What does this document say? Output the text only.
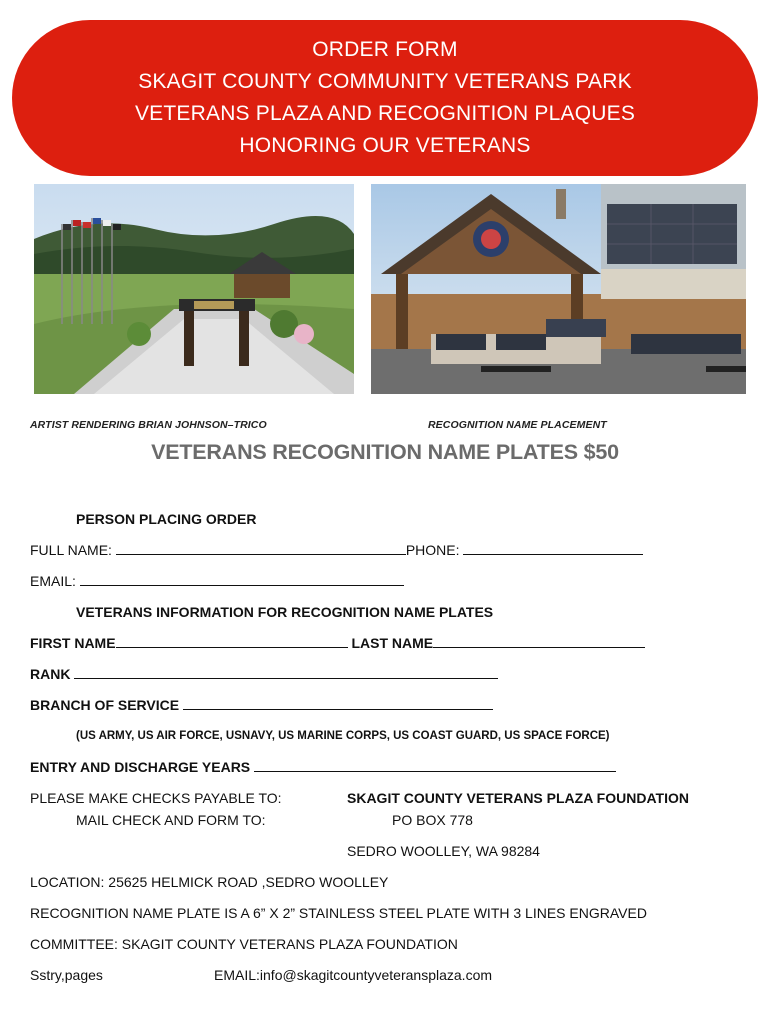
ORDER FORM
SKAGIT COUNTY COMMUNITY VETERANS PARK
VETERANS PLAZA AND RECOGNITION PLAQUES
HONORING OUR VETERANS
ARTIST RENDERING BRIAN JOHNSON–TRICO	RECOGNITION NAME PLACEMENT
VETERANS RECOGNITION NAME PLATES $50
PERSON PLACING ORDER
FULL NAME:	PHONE:
EMAIL:
VETERANS INFORMATION FOR RECOGNITION NAME PLATES
FIRST NAME	LAST NAME
RANK
BRANCH OF SERVICE
(US ARMY, US AIR FORCE, USNAVY, US MARINE CORPS, US COAST GUARD, US SPACE FORCE)
ENTRY AND DISCHARGE YEARS
PLEASE MAKE CHECKS PAYABLE TO:	SKAGIT COUNTY VETERANS PLAZA FOUNDATION
MAIL CHECK AND FORM TO:	PO BOX 778
SEDRO WOOLLEY, WA 98284
LOCATION: 25625 HELMICK ROAD ,SEDRO WOOLLEY
RECOGNITION NAME PLATE IS A 6” X 2” STAINLESS STEEL PLATE WITH 3 LINES ENGRAVED
COMMITTEE: SKAGIT COUNTY VETERANS PLAZA FOUNDATION
Sstry,pages	EMAIL:info@skagitcountyveteransplaza.com
